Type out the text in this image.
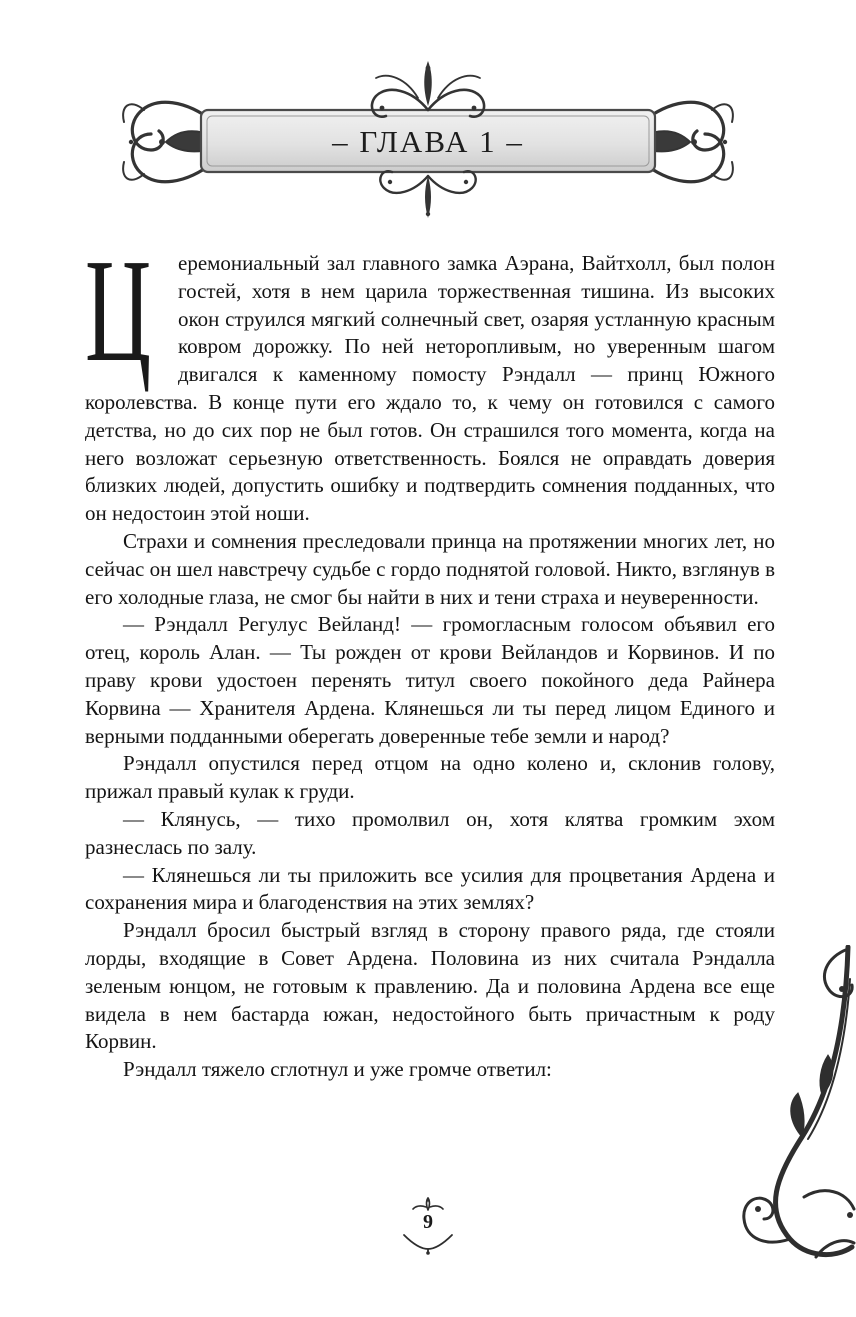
– ГЛАВА 1 –

Ц еремониальный зал главного замка Аэрана, Вайтхолл, был полон гостей, хотя в нем царила торжественная тишина. Из высоких окон струился мягкий солнечный свет, озаряя устланную красным ковром дорожку. По ней неторопливым, но уверенным шагом двигался к каменному помосту Рэндалл — принц Южного королевства. В конце пути его ждало то, к чему он готовился с самого детства, но до сих пор не был готов. Он страшился того момента, когда на него возложат серьезную ответственность. Боялся не оправдать доверия близких людей, допустить ошибку и подтвердить сомнения подданных, что он недостоин этой ноши.

Страхи и сомнения преследовали принца на протяжении многих лет, но сейчас он шел навстречу судьбе с гордо поднятой головой. Никто, взглянув в его холодные глаза, не смог бы найти в них и тени страха и неуверенности.

— Рэндалл Регулус Вейланд! — громогласным голосом объявил его отец, король Алан. — Ты рожден от крови Вейландов и Корвинов. И по праву крови удостоен перенять титул своего покойного деда Райнера Корвина — Хранителя Ардена. Клянешься ли ты перед лицом Единого и верными подданными оберегать доверенные тебе земли и народ?

Рэндалл опустился перед отцом на одно колено и, склонив голову, прижал правый кулак к груди.

— Клянусь, — тихо промолвил он, хотя клятва громким эхом разнеслась по залу.

— Клянешься ли ты приложить все усилия для процветания Ардена и сохранения мира и благоденствия на этих землях?

Рэндалл бросил быстрый взгляд в сторону правого ряда, где стояли лорды, входящие в Совет Ардена. Половина из них считала Рэндалла зеленым юнцом, не готовым к правлению. Да и половина Ардена все еще видела в нем бастарда южан, недостойного быть причастным к роду Корвин.

Рэндалл тяжело сглотнул и уже громче ответил:

9
